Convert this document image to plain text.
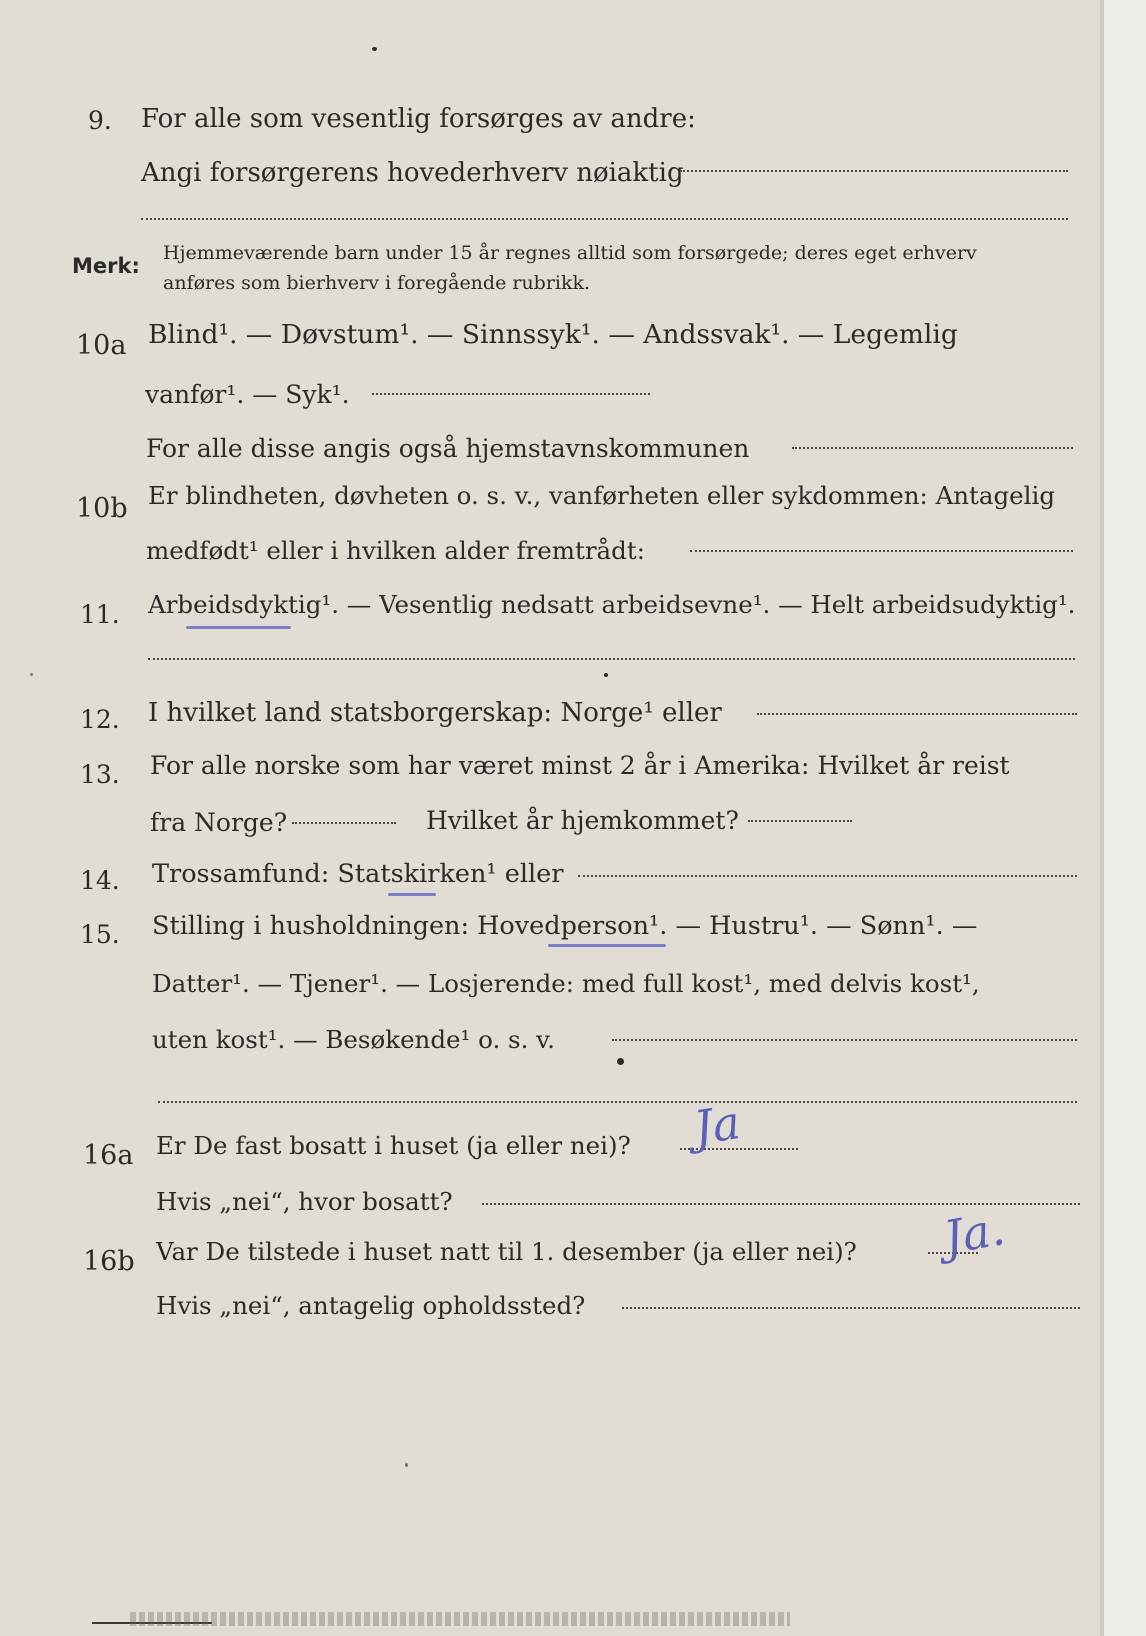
9. For alle som vesentlig forsørges av andre:
Angi forsørgerens hovederhverv nøiaktig
Merk:
Hjemmeværende barn under 15 år regnes alltid som forsørgede; deres eget erhverv
anføres som bierhverv i foregående rubrikk.
10a Blind¹. — Døvstum¹. — Sinnssyk¹. — Andssvak¹. — Legemlig
vanfør¹. — Syk¹.
For alle disse angis også hjemstavnskommunen
10b Er blindheten, døvheten o. s. v., vanførheten eller sykdommen: Antagelig
medfødt¹ eller i hvilken alder fremtrådt:
11. Arbeidsdyktig¹. — Vesentlig nedsatt arbeidsevne¹. — Helt arbeidsudyktig¹.
12. I hvilket land statsborgerskap: Norge¹ eller
13. For alle norske som har været minst 2 år i Amerika: Hvilket år reist
fra Norge?	Hvilket år hjemkommet?
14. Trossamfund: Statskirken¹ eller
15. Stilling i husholdningen: Hovedperson¹. — Hustru¹. — Sønn¹. —
Datter¹. — Tjener¹. — Losjerende: med full kost¹, med delvis kost¹,
uten kost¹. — Besøkende¹ o. s. v.
16a Er De fast bosatt i huset (ja eller nei)? Ja
Hvis „nei“, hvor bosatt?
16b Var De tilstede i huset natt til 1. desember (ja eller nei)? Ja.
Hvis „nei“, antagelig opholdssted?
